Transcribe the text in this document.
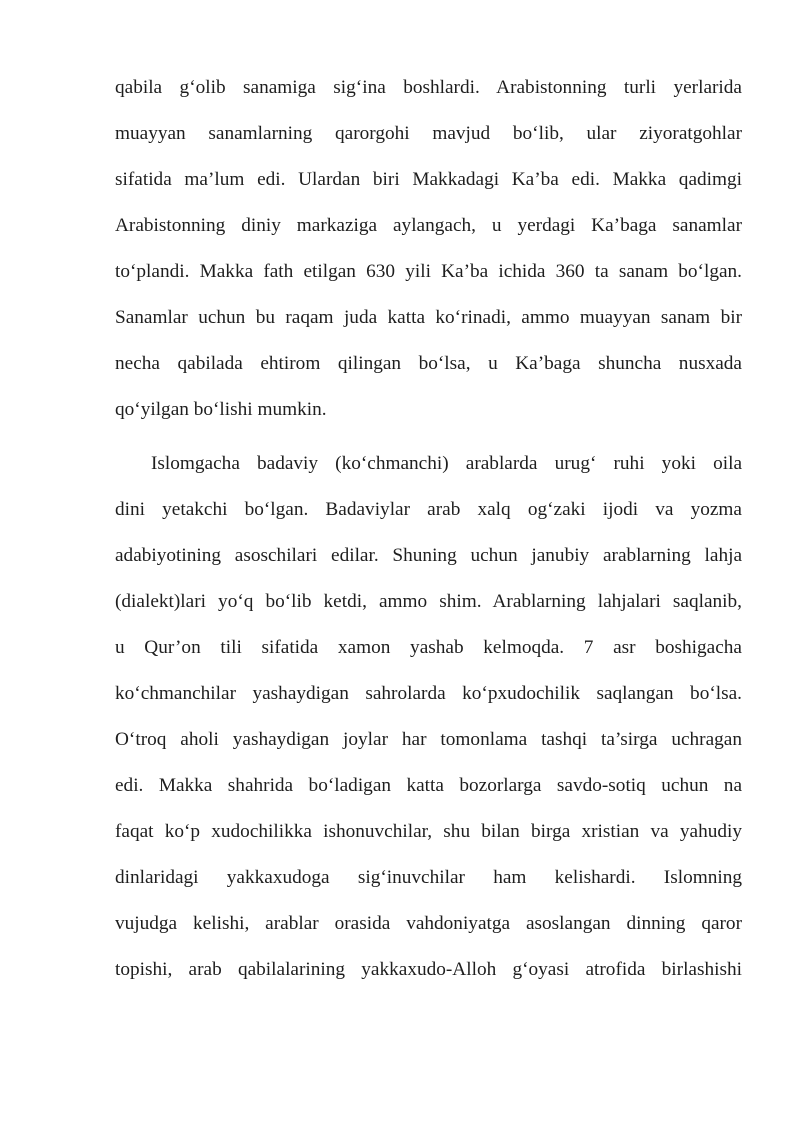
qabila g‘olib sanamiga sig‘ina boshlardi. Arabistonning turli yerlarida
muayyan sanamlarning qarorgohi mavjud bo‘lib, ular ziyoratgohlar
sifatida ma’lum edi. Ulardan biri Makkadagi Ka’ba edi. Makka qadimgi
Arabistonning diniy markaziga aylangach, u yerdagi Ka’baga sanamlar
to‘plandi. Makka fath etilgan 630 yili Ka’ba ichida 360 ta sanam bo‘lgan.
Sanamlar uchun bu raqam juda katta ko‘rinadi, ammo muayyan sanam bir
necha qabilada ehtirom qilingan bo‘lsa, u Ka’baga shuncha nusxada
qo‘yilgan bo‘lishi mumkin.
Islomgacha badaviy (ko‘chmanchi) arablarda urug‘ ruhi yoki oila
dini yetakchi bo‘lgan. Badaviylar arab xalq og‘zaki ijodi va yozma
adabiyotining asoschilari edilar. Shuning uchun janubiy arablarning lahja
(dialekt)lari yo‘q bo‘lib ketdi, ammo shim. Arablarning lahjalari saqlanib,
u Qur’on tili sifatida xamon yashab kelmoqda. 7 asr boshigacha
ko‘chmanchilar yashaydigan sahrolarda ko‘pxudochilik saqlangan bo‘lsa.
O‘troq aholi yashaydigan joylar har tomonlama tashqi ta’sirga uchragan
edi. Makka shahrida bo‘ladigan katta bozorlarga savdo-sotiq uchun na
faqat ko‘p xudochilikka ishonuvchilar, shu bilan birga xristian va yahudiy
dinlaridagi yakkaxudoga sig‘inuvchilar ham kelishardi. Islomning
vujudga kelishi, arablar orasida vahdoniyatga asoslangan dinning qaror
topishi, arab qabilalarining yakkaxudo-Alloh g‘oyasi atrofida birlashishi
